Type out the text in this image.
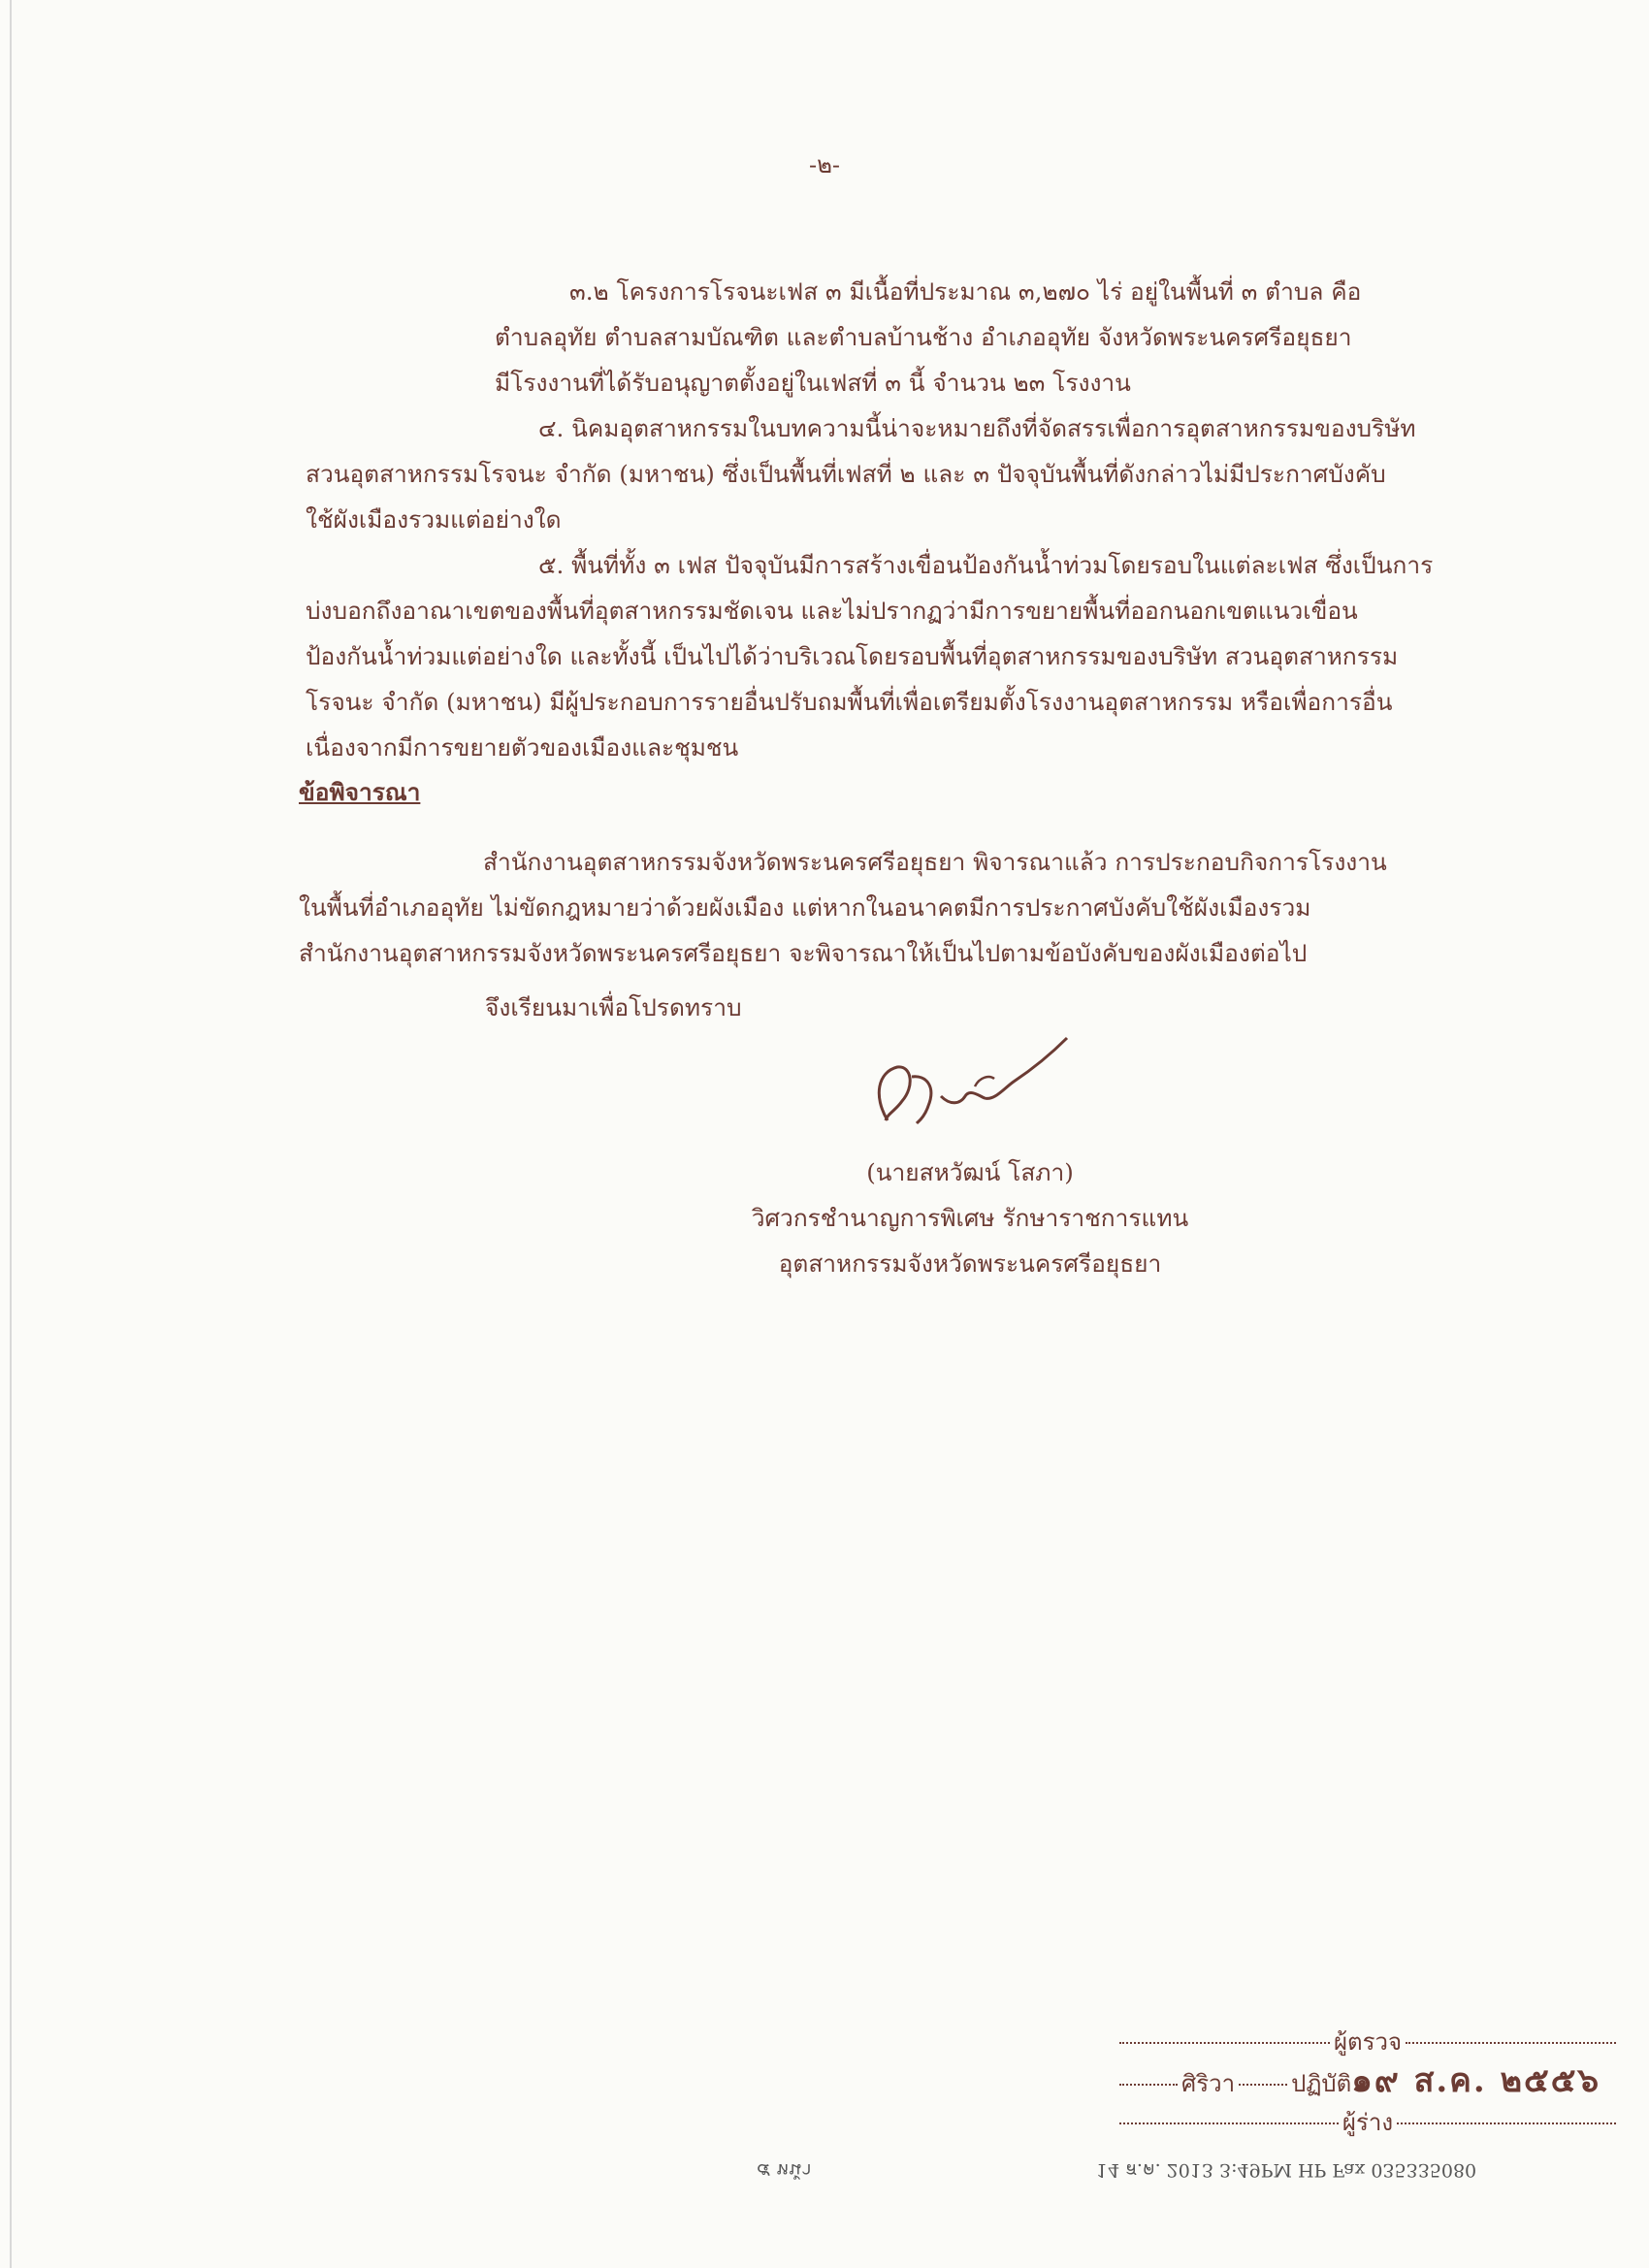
-๒-
๓.๒ โครงการโรจนะเฟส ๓ มีเนื้อที่ประมาณ ๓,๒๗๐ ไร่ อยู่ในพื้นที่ ๓ ตำบล คือ
ตำบลอุทัย ตำบลสามบัณฑิต และตำบลบ้านช้าง อำเภออุทัย จังหวัดพระนครศรีอยุธยา
มีโรงงานที่ได้รับอนุญาตตั้งอยู่ในเฟสที่ ๓ นี้ จำนวน ๒๓ โรงงาน
๔. นิคมอุตสาหกรรมในบทความนี้น่าจะหมายถึงที่จัดสรรเพื่อการอุตสาหกรรมของบริษัท
สวนอุตสาหกรรมโรจนะ จำกัด (มหาชน) ซึ่งเป็นพื้นที่เฟสที่ ๒ และ ๓ ปัจจุบันพื้นที่ดังกล่าวไม่มีประกาศบังคับ
ใช้ผังเมืองรวมแต่อย่างใด
๕. พื้นที่ทั้ง ๓ เฟส ปัจจุบันมีการสร้างเขื่อนป้องกันน้ำท่วมโดยรอบในแต่ละเฟส ซึ่งเป็นการ
บ่งบอกถึงอาณาเขตของพื้นที่อุตสาหกรรมชัดเจน และไม่ปรากฏว่ามีการขยายพื้นที่ออกนอกเขตแนวเขื่อน
ป้องกันน้ำท่วมแต่อย่างใด และทั้งนี้ เป็นไปได้ว่าบริเวณโดยรอบพื้นที่อุตสาหกรรมของบริษัท สวนอุตสาหกรรม
โรจนะ จำกัด (มหาชน) มีผู้ประกอบการรายอื่นปรับถมพื้นที่เพื่อเตรียมตั้งโรงงานอุตสาหกรรม หรือเพื่อการอื่น
เนื่องจากมีการขยายตัวของเมืองและชุมชน
ข้อพิจารณา
สำนักงานอุตสาหกรรมจังหวัดพระนครศรีอยุธยา พิจารณาแล้ว การประกอบกิจการโรงงาน
ในพื้นที่อำเภออุทัย ไม่ขัดกฎหมายว่าด้วยผังเมือง แต่หากในอนาคตมีการประกาศบังคับใช้ผังเมืองรวม
สำนักงานอุตสาหกรรมจังหวัดพระนครศรีอยุธยา จะพิจารณาให้เป็นไปตามข้อบังคับของผังเมืองต่อไป
จึงเรียนมาเพื่อโปรดทราบ
(นายสหวัฒน์ โสภา)
วิศวกรชำนาญการพิเศษ รักษาราชการแทน
อุตสาหกรรมจังหวัดพระนครศรีอยุธยา
ผู้ตรวจ
ศิริวา ปฏิบัติ ๑๙ ส.ค. ๒๕๕๖
ผู้ร่าง
๕ หน้า	14 ส.ค. 2013 3:49PM HP Fax 035335080
